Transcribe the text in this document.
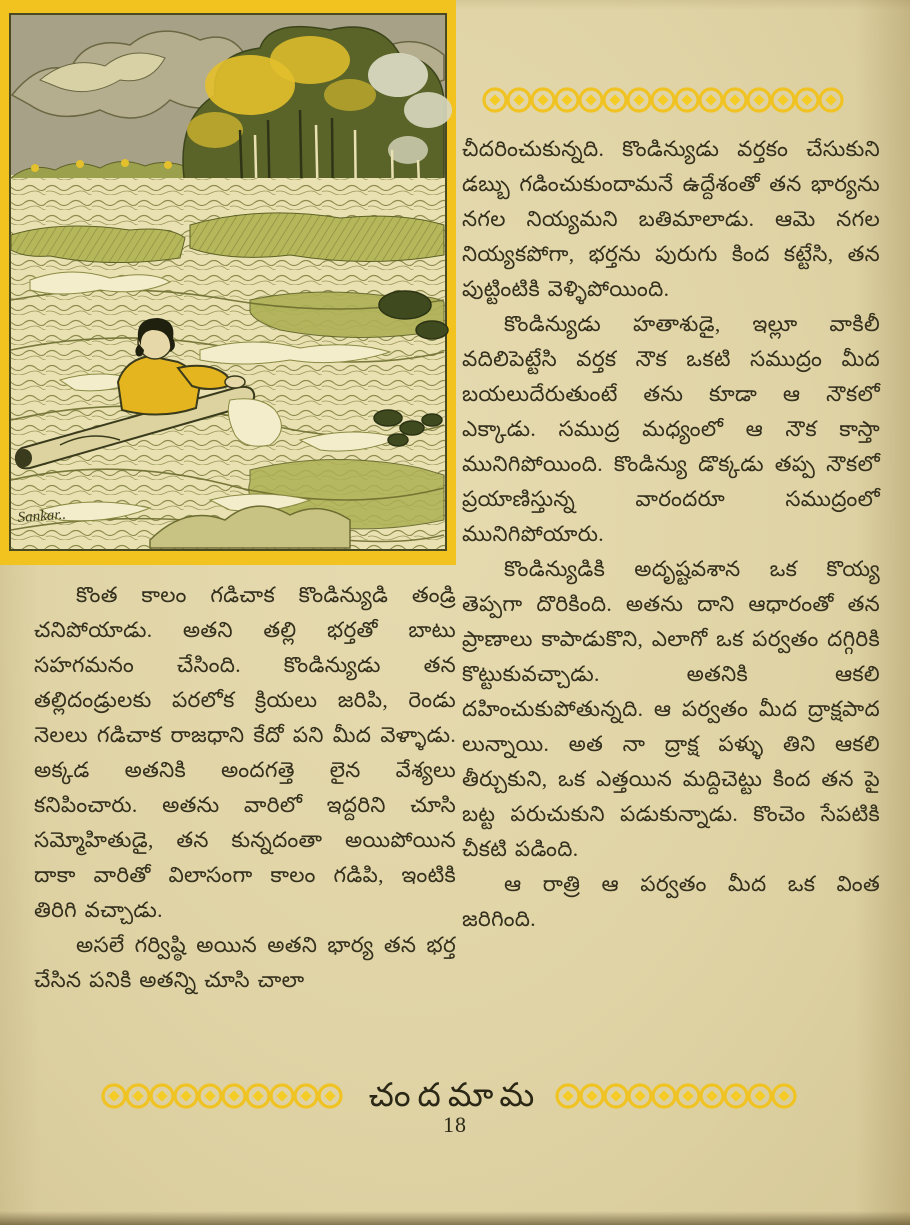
Sankar..

చీదరించుకున్నది. కొండిన్యుడు వర్తకం చేసుకుని డబ్బు గడించుకుందామనే ఉద్దేశంతో తన భార్యను నగల నియ్యమని బతిమాలాడు. ఆమె నగల నియ్యకపోగా, భర్తను పురుగు కింద కట్టేసి, తన పుట్టింటికి వెళ్ళిపోయింది.

కొండిన్యుడు హతాశుడై, ఇల్లూ వాకిలీ వదిలిపెట్టేసి వర్తక నౌక ఒకటి సముద్రం మీద బయలుదేరుతుంటే తను కూడా ఆ నౌకలో ఎక్కాడు. సముద్ర మధ్యంలో ఆ నౌక కాస్తా మునిగిపోయింది. కొండిన్యు డొక్కడు తప్ప నౌకలో ప్రయాణిస్తున్న వారందరూ సముద్రంలో మునిగిపోయారు.

కొండిన్యుడికి అదృష్టవశాన ఒక కొయ్య తెప్పగా దొరికింది. అతను దాని ఆధారంతో తన ప్రాణాలు కాపాడుకొని, ఎలాగో ఒక పర్వతం దగ్గిరికి కొట్టుకువచ్చాడు. అతనికి ఆకలి దహించుకుపోతున్నది. ఆ పర్వతం మీద ద్రాక్షపాద లున్నాయి. అత నా ద్రాక్ష పళ్ళు తిని ఆకలి తీర్చుకుని, ఒక ఎత్తయిన మద్దిచెట్టు కింద తన పై బట్ట పరుచుకుని పడుకున్నాడు. కొంచెం సేపటికి చీకటి పడింది.

ఆ రాత్రి ఆ పర్వతం మీద ఒక వింత జరిగింది.

కొంత కాలం గడిచాక కొండిన్యుడి తండ్రి చనిపోయాడు. అతని తల్లి భర్తతో బాటు సహగమనం చేసింది. కొండిన్యుడు తన తల్లిదండ్రులకు పరలోక క్రియలు జరిపి, రెండు నెలలు గడిచాక రాజధాని కేదో పని మీద వెళ్ళాడు. అక్కడ అతనికి అందగత్తె లైన వేశ్యలు కనిపించారు. అతను వారిలో ఇద్దరిని చూసి సమ్మోహితుడై, తన కున్నదంతా అయిపోయిన దాకా వారితో విలాసంగా కాలం గడిపి, ఇంటికి తిరిగి వచ్చాడు.

అసలే గర్విష్ఠి అయిన అతని భార్య తన భర్త చేసిన పనికి అతన్ని చూసి చాలా

చందమామ
18
